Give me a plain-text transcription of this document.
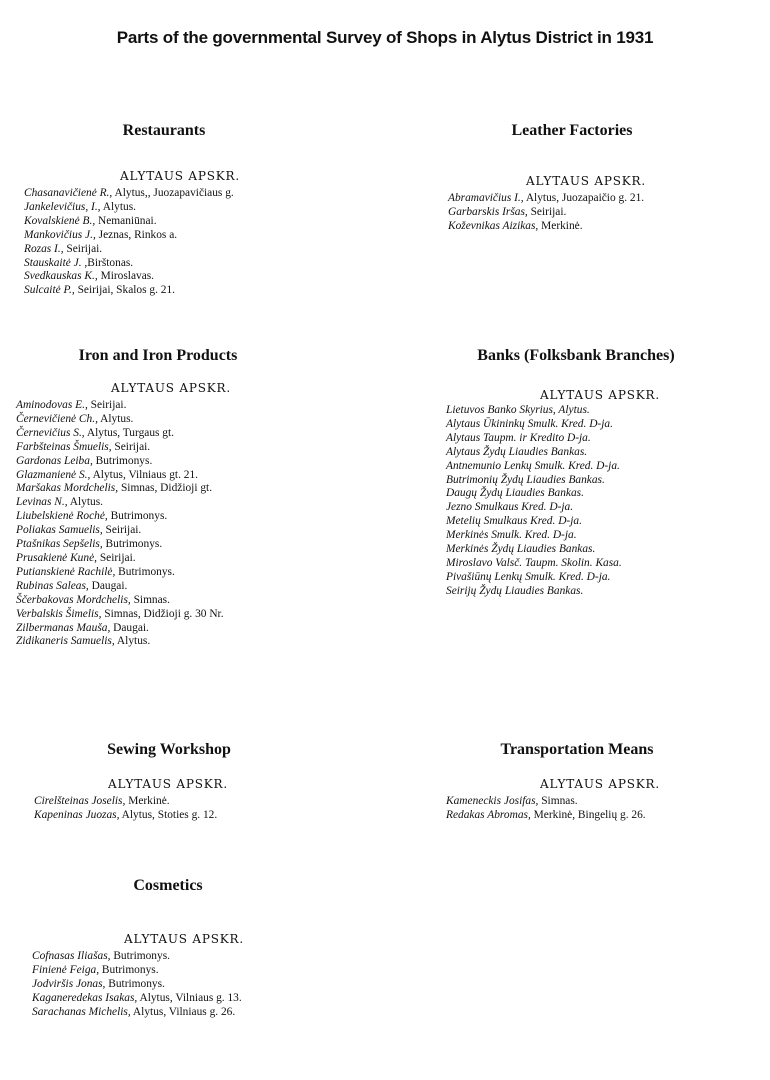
Parts of the governmental Survey of Shops in Alytus District in 1931
Restaurants
ALYTAUS APSKR.
Chasanavičienė R., Alytus,, Juozapavičiaus g.
Jankelevičius, I., Alytus.
Kovalskienė B., Nemaniūnai.
Mankovičius J., Jeznas, Rinkos a.
Rozas I., Seirijai.
Stauskaitė J. ,Birštonas.
Svedkauskas K., Miroslavas.
Sulcaitė P., Seirijai, Skalos g. 21.
Leather Factories
ALYTAUS APSKR.
Abramavičius I., Alytus, Juozapaičio g. 21.
Garbarskis Iršas, Seirijai.
Koževnikas Aizikas, Merkinė.
Iron and Iron Products
ALYTAUS APSKR.
Aminodovas E., Seirijai.
Černevičienė Ch., Alytus.
Černevičius S., Alytus, Turgaus gt.
Farbšteinas Šmuelis, Seirijai.
Gardonas Leiba, Butrimonys.
Glazmanienė S., Alytus, Vilniaus gt. 21.
Maršakas Mordchelis, Simnas, Didžioji gt.
Levinas N., Alytus.
Liubelskienė Rochė, Butrimonys.
Poliakas Samuelis, Seirijai.
Ptašnikas Sepšelis, Butrimonys.
Prusakienė Kunė, Seirijai.
Putianskienė Rachilė, Butrimonys.
Rubinas Saleas, Daugai.
Ščerbakovas Mordchelis, Simnas.
Verbalskis Šimelis, Simnas, Didžioji g. 30 Nr.
Zilbermanas Mauša, Daugai.
Zidikaneris Samuelis, Alytus.
Banks (Folksbank Branches)
ALYTAUS APSKR.
Lietuvos Banko Skyrius, Alytus.
Alytaus Ūkininkų Smulk. Kred. D-ja.
Alytaus Taupm. ir Kredito D-ja.
Alytaus Žydų Liaudies Bankas.
Antnemunio Lenkų Smulk. Kred. D-ja.
Butrimonių Žydų Liaudies Bankas.
Daugų Žydų Liaudies Bankas.
Jezno Smulkaus Kred. D-ja.
Metelių Smulkaus Kred. D-ja.
Merkinės Smulk. Kred. D-ja.
Merkinės Žydų Liaudies Bankas.
Miroslavo Valsč. Taupm. Skolin. Kasa.
Pivašiūnų Lenkų Smulk. Kred. D-ja.
Seirijų Žydų Liaudies Bankas.
Sewing Workshop
ALYTAUS APSKR.
Cirelšteinas Joselis, Merkinė.
Kapeninas Juozas, Alytus, Stoties g. 12.
Transportation Means
ALYTAUS APSKR.
Kameneckis Josifas, Simnas.
Redakas Abromas, Merkinė, Bingelių g. 26.
Cosmetics
ALYTAUS APSKR.
Cofnasas Iliašas, Butrimonys.
Finienė Feiga, Butrimonys.
Jodviršis Jonas, Butrimonys.
Kaganeredekas Isakas, Alytus, Vilniaus g. 13.
Sarachanas Michelis, Alytus, Vilniaus g. 26.
